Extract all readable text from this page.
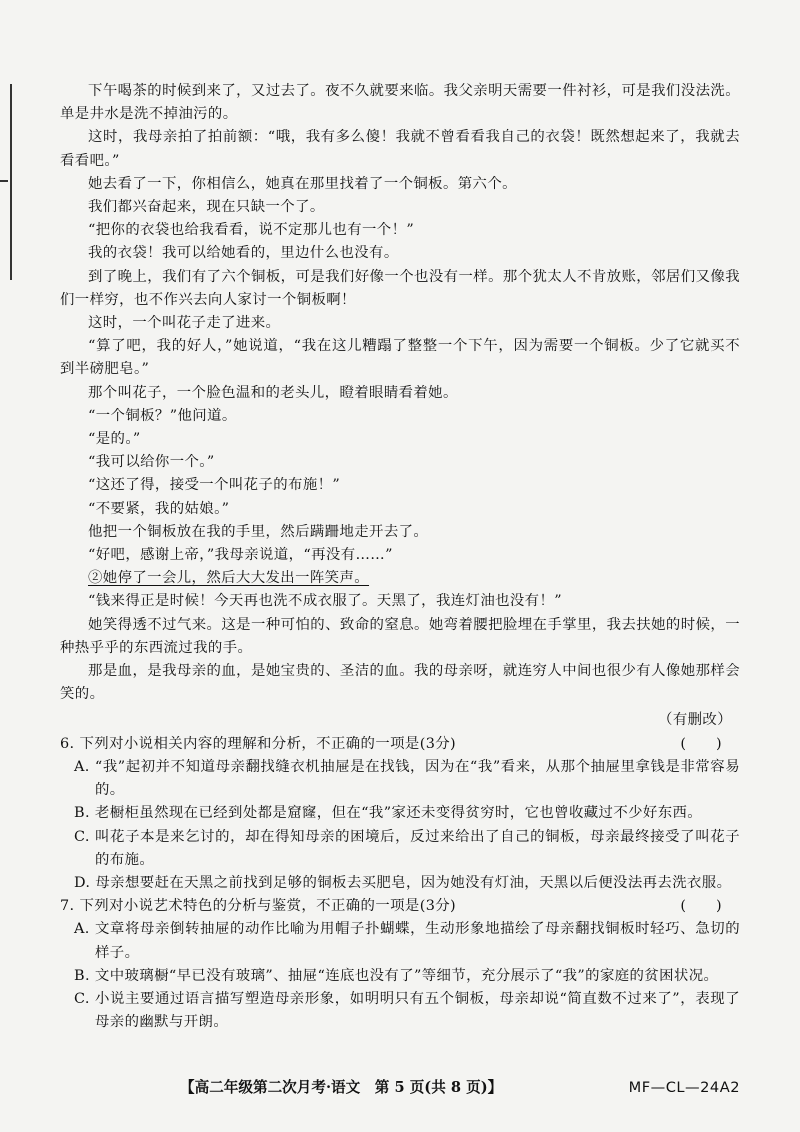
下午喝茶的时候到来了，又过去了。夜不久就要来临。我父亲明天需要一件衬衫，可是我们没法洗。单是井水是洗不掉油污的。

这时，我母亲拍了拍前额：“哦，我有多么傻！我就不曾看看我自己的衣袋！既然想起来了，我就去看看吧。”

她去看了一下，你相信么，她真在那里找着了一个铜板。第六个。

我们都兴奋起来，现在只缺一个了。

“把你的衣袋也给我看看，说不定那儿也有一个！”

我的衣袋！我可以给她看的，里边什么也没有。

到了晚上，我们有了六个铜板，可是我们好像一个也没有一样。那个犹太人不肯放账，邻居们又像我们一样穷，也不作兴去向人家讨一个铜板啊！

这时，一个叫花子走了进来。

“算了吧，我的好人，”她说道，“我在这儿糟蹋了整整一个下午，因为需要一个铜板。少了它就买不到半磅肥皂。”

那个叫花子，一个脸色温和的老头儿，瞪着眼睛看着她。

“一个铜板？”他问道。

“是的。”

“我可以给你一个。”

“这还了得，接受一个叫花子的布施！”

“不要紧，我的姑娘。”

他把一个铜板放在我的手里，然后蹒跚地走开去了。

“好吧，感谢上帝，”我母亲说道，“再没有……”

②她停了一会儿，然后大大发出一阵笑声。

“钱来得正是时候！今天再也洗不成衣服了。天黑了，我连灯油也没有！”

她笑得透不过气来。这是一种可怕的、致命的窒息。她弯着腰把脸埋在手掌里，我去扶她的时候，一种热乎乎的东西流过我的手。

那是血，是我母亲的血，是她宝贵的、圣洁的血。我的母亲呀，就连穷人中间也很少有人像她那样会笑的。

（有删改）

6. 下列对小说相关内容的理解和分析，不正确的一项是(3分)	(　　)

A. “我”起初并不知道母亲翻找缝衣机抽屉是在找钱，因为在“我”看来，从那个抽屉里拿钱是非常容易的。

B. 老橱柜虽然现在已经到处都是窟窿，但在“我”家还未变得贫穷时，它也曾收藏过不少好东西。

C. 叫花子本是来乞讨的，却在得知母亲的困境后，反过来给出了自己的铜板，母亲最终接受了叫花子的布施。

D. 母亲想要赶在天黑之前找到足够的铜板去买肥皂，因为她没有灯油，天黑以后便没法再去洗衣服。

7. 下列对小说艺术特色的分析与鉴赏，不正确的一项是(3分)	(　　)

A. 文章将母亲倒转抽屉的动作比喻为用帽子扑蝴蝶，生动形象地描绘了母亲翻找铜板时轻巧、急切的样子。

B. 文中玻璃橱“早已没有玻璃”、抽屉“连底也没有了”等细节，充分展示了“我”的家庭的贫困状况。

C. 小说主要通过语言描写塑造母亲形象，如明明只有五个铜板，母亲却说“简直数不过来了”，表现了母亲的幽默与开朗。

【高二年级第二次月考·语文　第 5 页(共 8 页)】	MF—CL—24A2
